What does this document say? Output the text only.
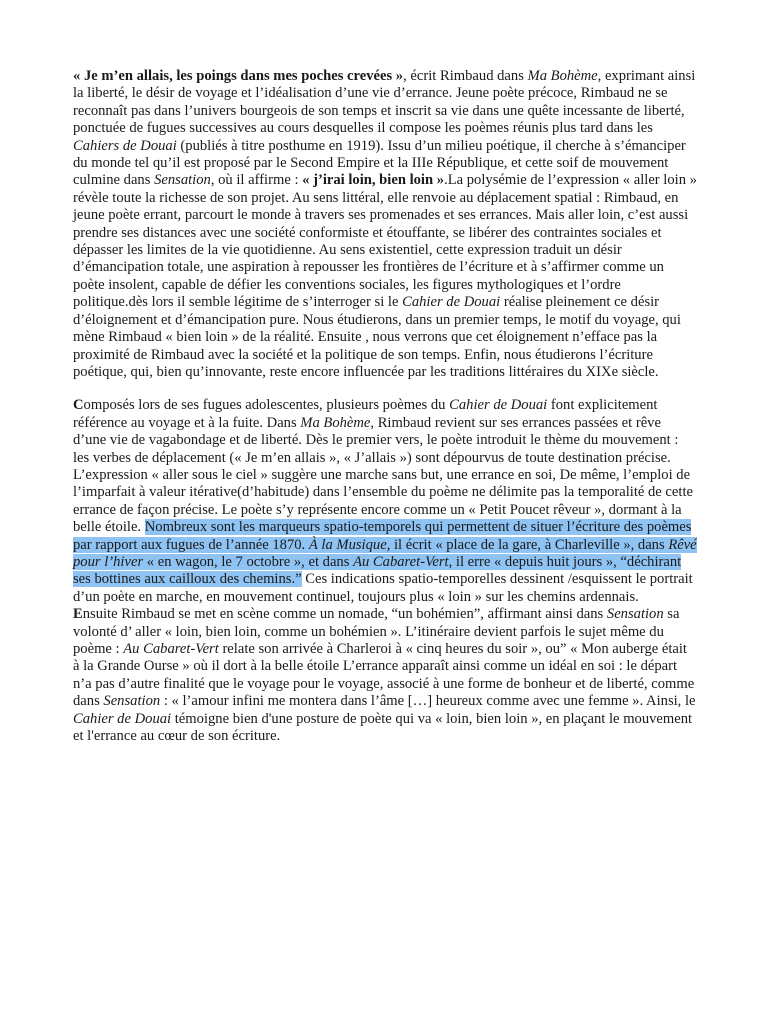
« Je m’en allais, les poings dans mes poches crevées », écrit Rimbaud dans Ma Bohème, exprimant ainsi la liberté, le désir de voyage et l’idéalisation d’une vie d’errance. Jeune poète précoce, Rimbaud ne se reconnaît pas dans l’univers bourgeois de son temps et inscrit sa vie dans une quête incessante de liberté, ponctuée de fugues successives au cours desquelles il compose les poèmes réunis plus tard dans les Cahiers de Douai (publiés à titre posthume en 1919). Issu d’un milieu poétique, il cherche à s’émanciper du monde tel qu’il est proposé par le Second Empire et la IIIe République, et cette soif de mouvement culmine dans Sensation, où il affirme : « j’irai loin, bien loin ».La polysémie de l’expression « aller loin » révèle toute la richesse de son projet. Au sens littéral, elle renvoie au déplacement spatial : Rimbaud, en jeune poète errant, parcourt le monde à travers ses promenades et ses errances. Mais aller loin, c’est aussi prendre ses distances avec une société conformiste et étouffante, se libérer des contraintes sociales et dépasser les limites de la vie quotidienne. Au sens existentiel, cette expression traduit un désir d’émancipation totale, une aspiration à repousser les frontières de l’écriture et à s’affirmer comme un poète insolent, capable de défier les conventions sociales, les figures mythologiques et l’ordre politique.dès lors il semble légitime de s’interroger si le Cahier de Douai réalise pleinement ce désir d’éloignement et d’émancipation pure. Nous étudierons, dans un premier temps, le motif du voyage, qui mène Rimbaud « bien loin » de la réalité. Ensuite , nous verrons que cet éloignement n’efface pas la proximité de Rimbaud avec la société et la politique de son temps. Enfin, nous étudierons l’écriture poétique, qui, bien qu’innovante, reste encore influencée par les traditions littéraires du XIXe siècle.

Composés lors de ses fugues adolescentes, plusieurs poèmes du Cahier de Douai font explicitement référence au voyage et à la fuite. Dans Ma Bohème, Rimbaud revient sur ses errances passées et rêve d’une vie de vagabondage et de liberté. Dès le premier vers, le poète introduit le thème du mouvement : les verbes de déplacement (« Je m’en allais », « J’allais ») sont dépourvus de toute destination précise. L’expression « aller sous le ciel » suggère une marche sans but, une errance en soi, De même, l’emploi de l’imparfait à valeur itérative(d’habitude) dans l’ensemble du poème ne délimite pas la temporalité de cette errance de façon précise. Le poète s’y représente encore comme un « Petit Poucet rêveur », dormant à la belle étoile. Nombreux sont les marqueurs spatio-temporels qui permettent de situer l’écriture des poèmes par rapport aux fugues de l’année 1870. À la Musique, il écrit « place de la gare, à Charleville », dans Rêvé pour l’hiver « en wagon, le 7 octobre », et dans Au Cabaret-Vert, il erre « depuis huit jours », “déchirant ses bottines aux cailloux des chemins.” Ces indications spatio-temporelles dessinent /esquissent le portrait d’un poète en marche, en mouvement continuel, toujours plus « loin » sur les chemins ardennais.
Ensuite Rimbaud se met en scène comme un nomade, “un bohémien”, affirmant ainsi dans Sensation sa volonté d’ aller « loin, bien loin, comme un bohémien ». L’itinéraire devient parfois le sujet même du poème : Au Cabaret-Vert relate son arrivée à Charleroi à « cinq heures du soir », ou” « Mon auberge était à la Grande Ourse » où il dort à la belle étoile L’errance apparaît ainsi comme un idéal en soi : le départ n’a pas d’autre finalité que le voyage pour le voyage, associé à une forme de bonheur et de liberté, comme dans Sensation : « l’amour infini me montera dans l’âme […] heureux comme avec une femme ». Ainsi, le Cahier de Douai témoigne bien d'une posture de poète qui va « loin, bien loin », en plaçant le mouvement et l'errance au cœur de son écriture.
